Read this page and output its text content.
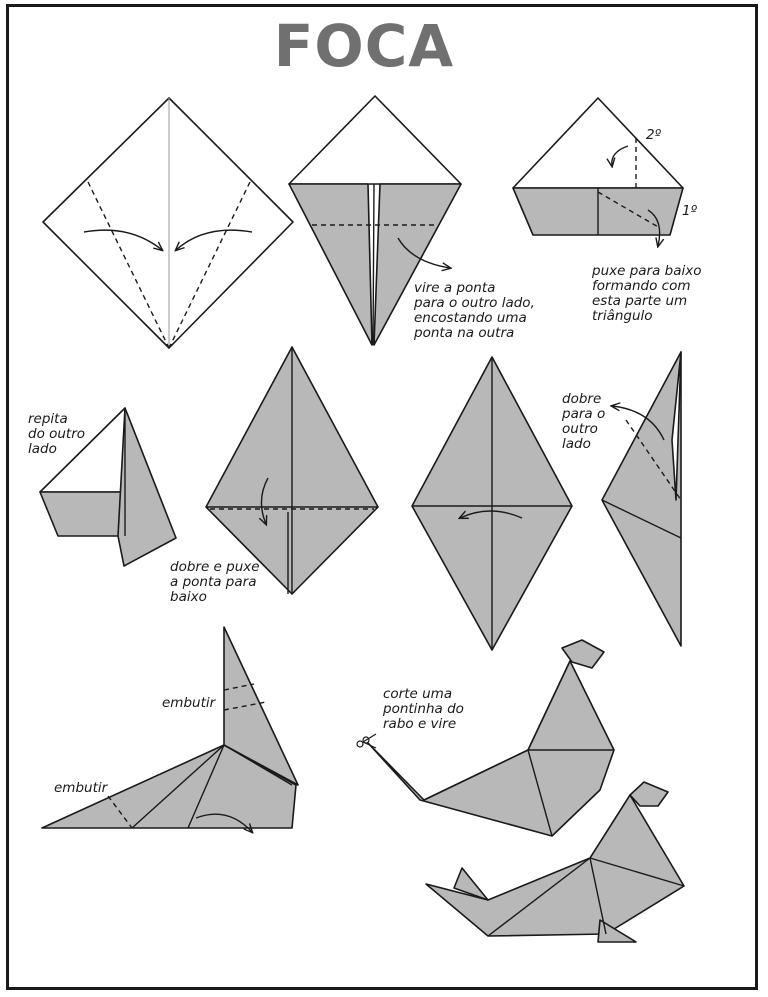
FOCA
2º
1º
vire a ponta
para o outro lado,
encostando uma
ponta na outra
puxe para baixo
formando com
esta parte um
triângulo
repita
do outro
lado
dobre e puxe
a ponta para
baixo
dobre
para o
outro
lado
embutir
embutir
corte uma
pontinha do
rabo e vire
